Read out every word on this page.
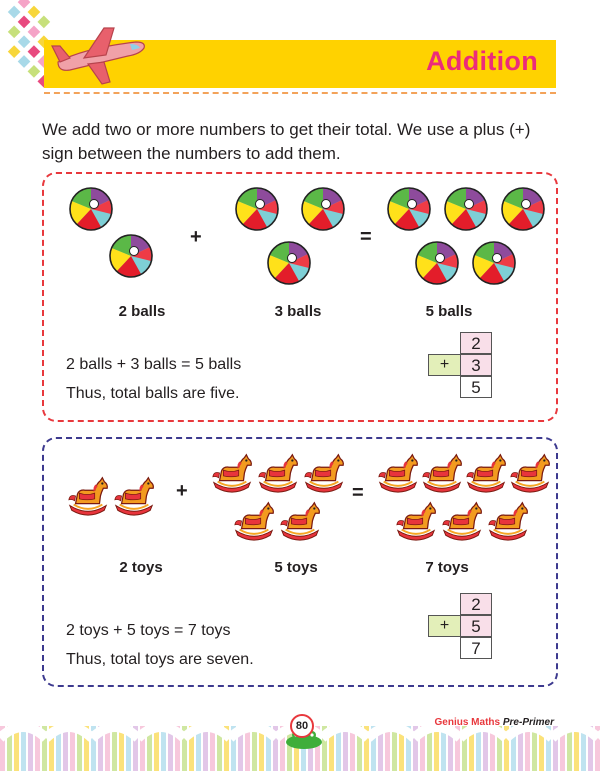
Addition
We add two or more numbers to get their total. We use a plus (+) sign between the numbers to add them.
+	=
2 balls	3 balls	5 balls
2 balls + 3 balls = 5 balls
Thus, total balls are five.
2
+	3
5
+	=
2 toys	5 toys	7 toys
2 toys + 5 toys = 7 toys
Thus, total toys are seven.
2
+	5
7
80	Genius Maths Pre-Primer
